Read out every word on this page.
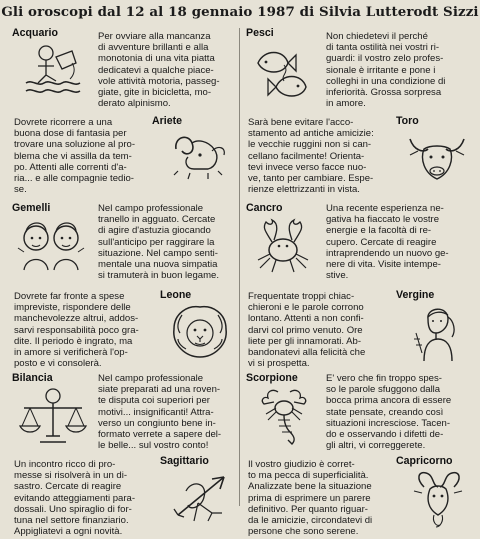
Gli oroscopi dal 12 al 18 gennaio 1987 di Silvia Lutterodt Sizzi
Acquario	Per ovviare alla mancanza
di avventure brillanti e alla
monotonia di una vita piatta
dedicatevi a qualche piace-
vole attività motoria, passeg-
giate, gite in bicicletta, mo-
derato alpinismo.
Ariete
Dovrete ricorrere a una
buona dose di fantasia per
trovare una soluzione al pro-
blema che vi assilla da tem-
po. Attenti alle correnti d'a-
ria... e alle compagnie tedio-
se.
Gemelli	Nel campo professionale
tranello in agguato. Cercate
di agire d'astuzia giocando
sull'anticipo per raggirare la
situazione. Nel campo senti-
mentale una nuova simpatia
si tramuterà in buon legame.
Leone
Dovrete far fronte a spese
impreviste, rispondere delle
manchevolezze altrui, addos-
sarvi responsabilità poco gra-
dite. Il periodo è ingrato, ma
in amore si verificherà l'op-
posto e vi consolerà.
Bilancia	Nel campo professionale
siate preparati ad una roven-
te disputa coi superiori per
motivi... insignificanti! Attra-
verso un congiunto bene in-
formato verrete a sapere del-
le belle... sul vostro conto!
Sagittario
Un incontro ricco di pro-
messe si risolverà in un di-
sastro. Cercate di reagire
evitando atteggiamenti para-
dossali. Uno spiraglio di for-
tuna nel settore finanziario.
Appigliatevi a ogni novità.
Pesci	Non chiedetevi il perché
di tanta ostilità nei vostri ri-
guardi: il vostro zelo profes-
sionale è irritante e pone i
colleghi in una condizione di
inferiorità. Grossa sorpresa
in amore.
Toro
Sarà bene evitare l'acco-
stamento ad antiche amicizie:
le vecchie ruggini non si can-
cellano facilmente! Orienta-
tevi invece verso facce nuo-
ve, tanto per cambiare. Espe-
rienze elettrizzanti in vista.
Cancro	Una recente esperienza ne-
gativa ha fiaccato le vostre
energie e la facoltà di re-
cupero. Cercate di reagire
intraprendendo un nuovo ge-
nere di vita. Visite intempe-
stive.
Vergine
Frequentate troppi chiac-
chieroni e le parole corrono
lontano. Attenti a non confi-
darvi col primo venuto. Ore
liete per gli innamorati. Ab-
bandonatevi alla felicità che
vi si prospetta.
Scorpione	E' vero che fin troppo spes-
so le parole sfuggono dalla
bocca prima ancora di essere
state pensate, creando così
situazioni incresciose. Tacen-
do e osservando i difetti de-
gli altri, vi correggerete.
Capricorno
Il vostro giudizio è corret-
to ma pecca di superficialità.
Analizzate bene la situazione
prima di esprimere un parere
definitivo. Per quanto riguar-
da le amicizie, circondatevi di
persone che sono serene.
